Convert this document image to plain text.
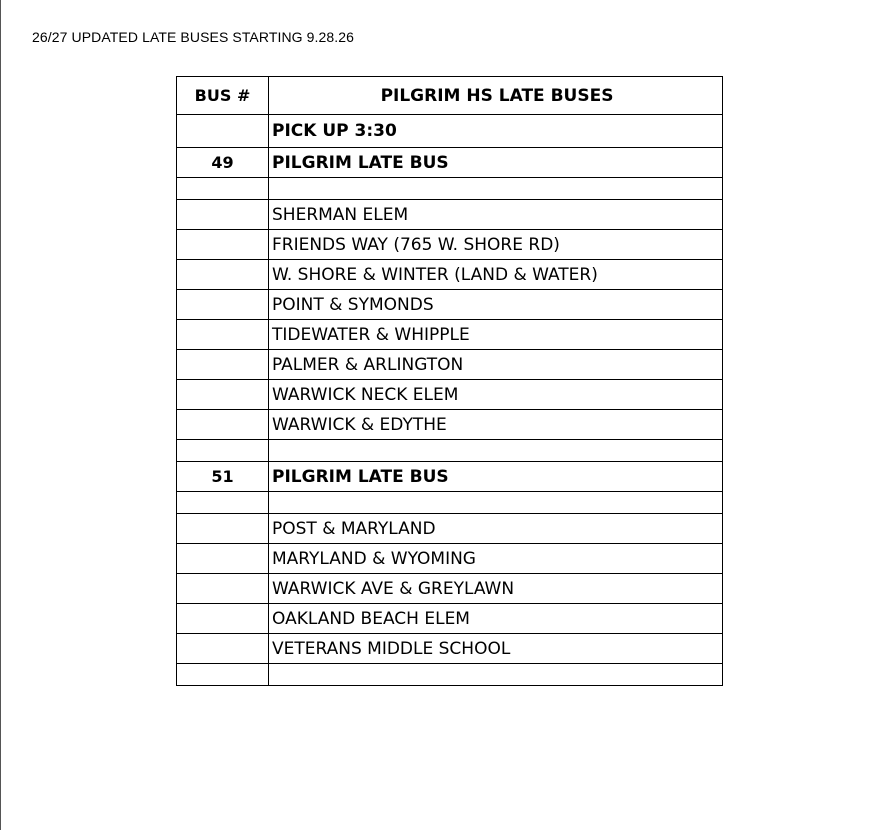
26/27 UPDATED LATE BUSES STARTING 9.28.26
BUS #	PILGRIM HS LATE BUSES
	PICK UP 3:30
49	PILGRIM LATE BUS

	SHERMAN ELEM
	FRIENDS WAY (765 W. SHORE RD)
	W. SHORE & WINTER (LAND & WATER)
	POINT & SYMONDS
	TIDEWATER & WHIPPLE
	PALMER & ARLINGTON
	WARWICK NECK ELEM
	WARWICK & EDYTHE

51	PILGRIM LATE BUS

	POST & MARYLAND
	MARYLAND & WYOMING
	WARWICK AVE & GREYLAWN
	OAKLAND BEACH ELEM
	VETERANS MIDDLE SCHOOL
